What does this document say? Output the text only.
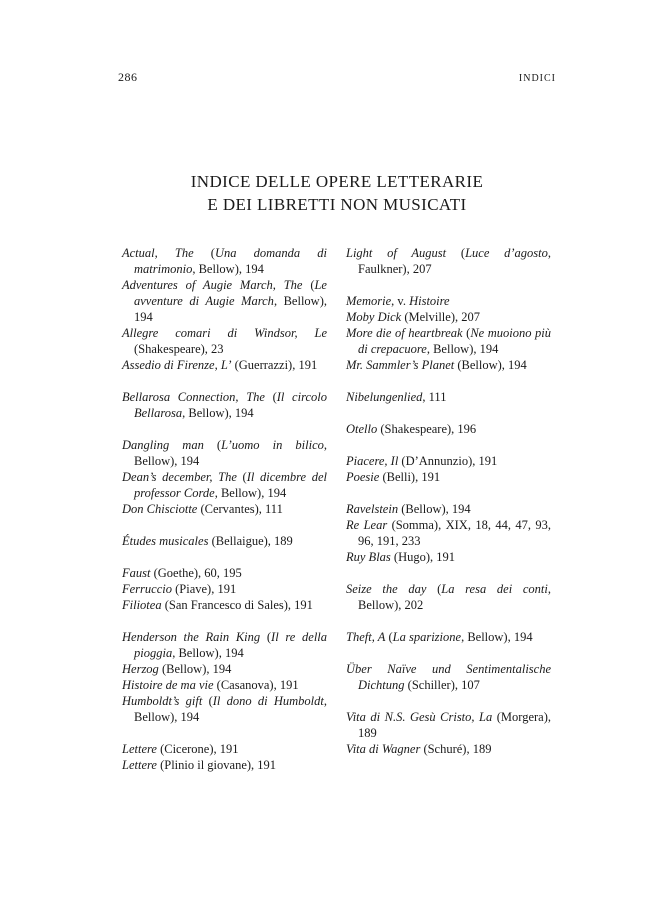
286	INDICI
INDICE DELLE OPERE LETTERARIE
E DEI LIBRETTI NON MUSICATI
Actual, The (Una domanda di matrimonio, Bellow), 194
Adventures of Augie March, The (Le avventure di Augie March, Bellow), 194
Allegre comari di Windsor, Le (Shakespeare), 23
Assedio di Firenze, L’ (Guerrazzi), 191
Bellarosa Connection, The (Il circolo Bellarosa, Bellow), 194
Dangling man (L’uomo in bilico, Bellow), 194
Dean’s december, The (Il dicembre del professor Corde, Bellow), 194
Don Chisciotte (Cervantes), 111
Études musicales (Bellaigue), 189
Faust (Goethe), 60, 195
Ferruccio (Piave), 191
Filiotea (San Francesco di Sales), 191
Henderson the Rain King (Il re della pioggia, Bellow), 194
Herzog (Bellow), 194
Histoire de ma vie (Casanova), 191
Humboldt’s gift (Il dono di Humboldt, Bellow), 194
Lettere (Cicerone), 191
Lettere (Plinio il giovane), 191
Light of August (Luce d’agosto, Faulkner), 207
Memorie, v. Histoire
Moby Dick (Melville), 207
More die of heartbreak (Ne muoiono più di crepacuore, Bellow), 194
Mr. Sammler’s Planet (Bellow), 194
Nibelungenlied, 111
Otello (Shakespeare), 196
Piacere, Il (D’Annunzio), 191
Poesie (Belli), 191
Ravelstein (Bellow), 194
Re Lear (Somma), XIX, 18, 44, 47, 93, 96, 191, 233
Ruy Blas (Hugo), 191
Seize the day (La resa dei conti, Bellow), 202
Theft, A (La sparizione, Bellow), 194
Über Naïve und Sentimentalische Dichtung (Schiller), 107
Vita di N.S. Gesù Cristo, La (Morgera), 189
Vita di Wagner (Schuré), 189
